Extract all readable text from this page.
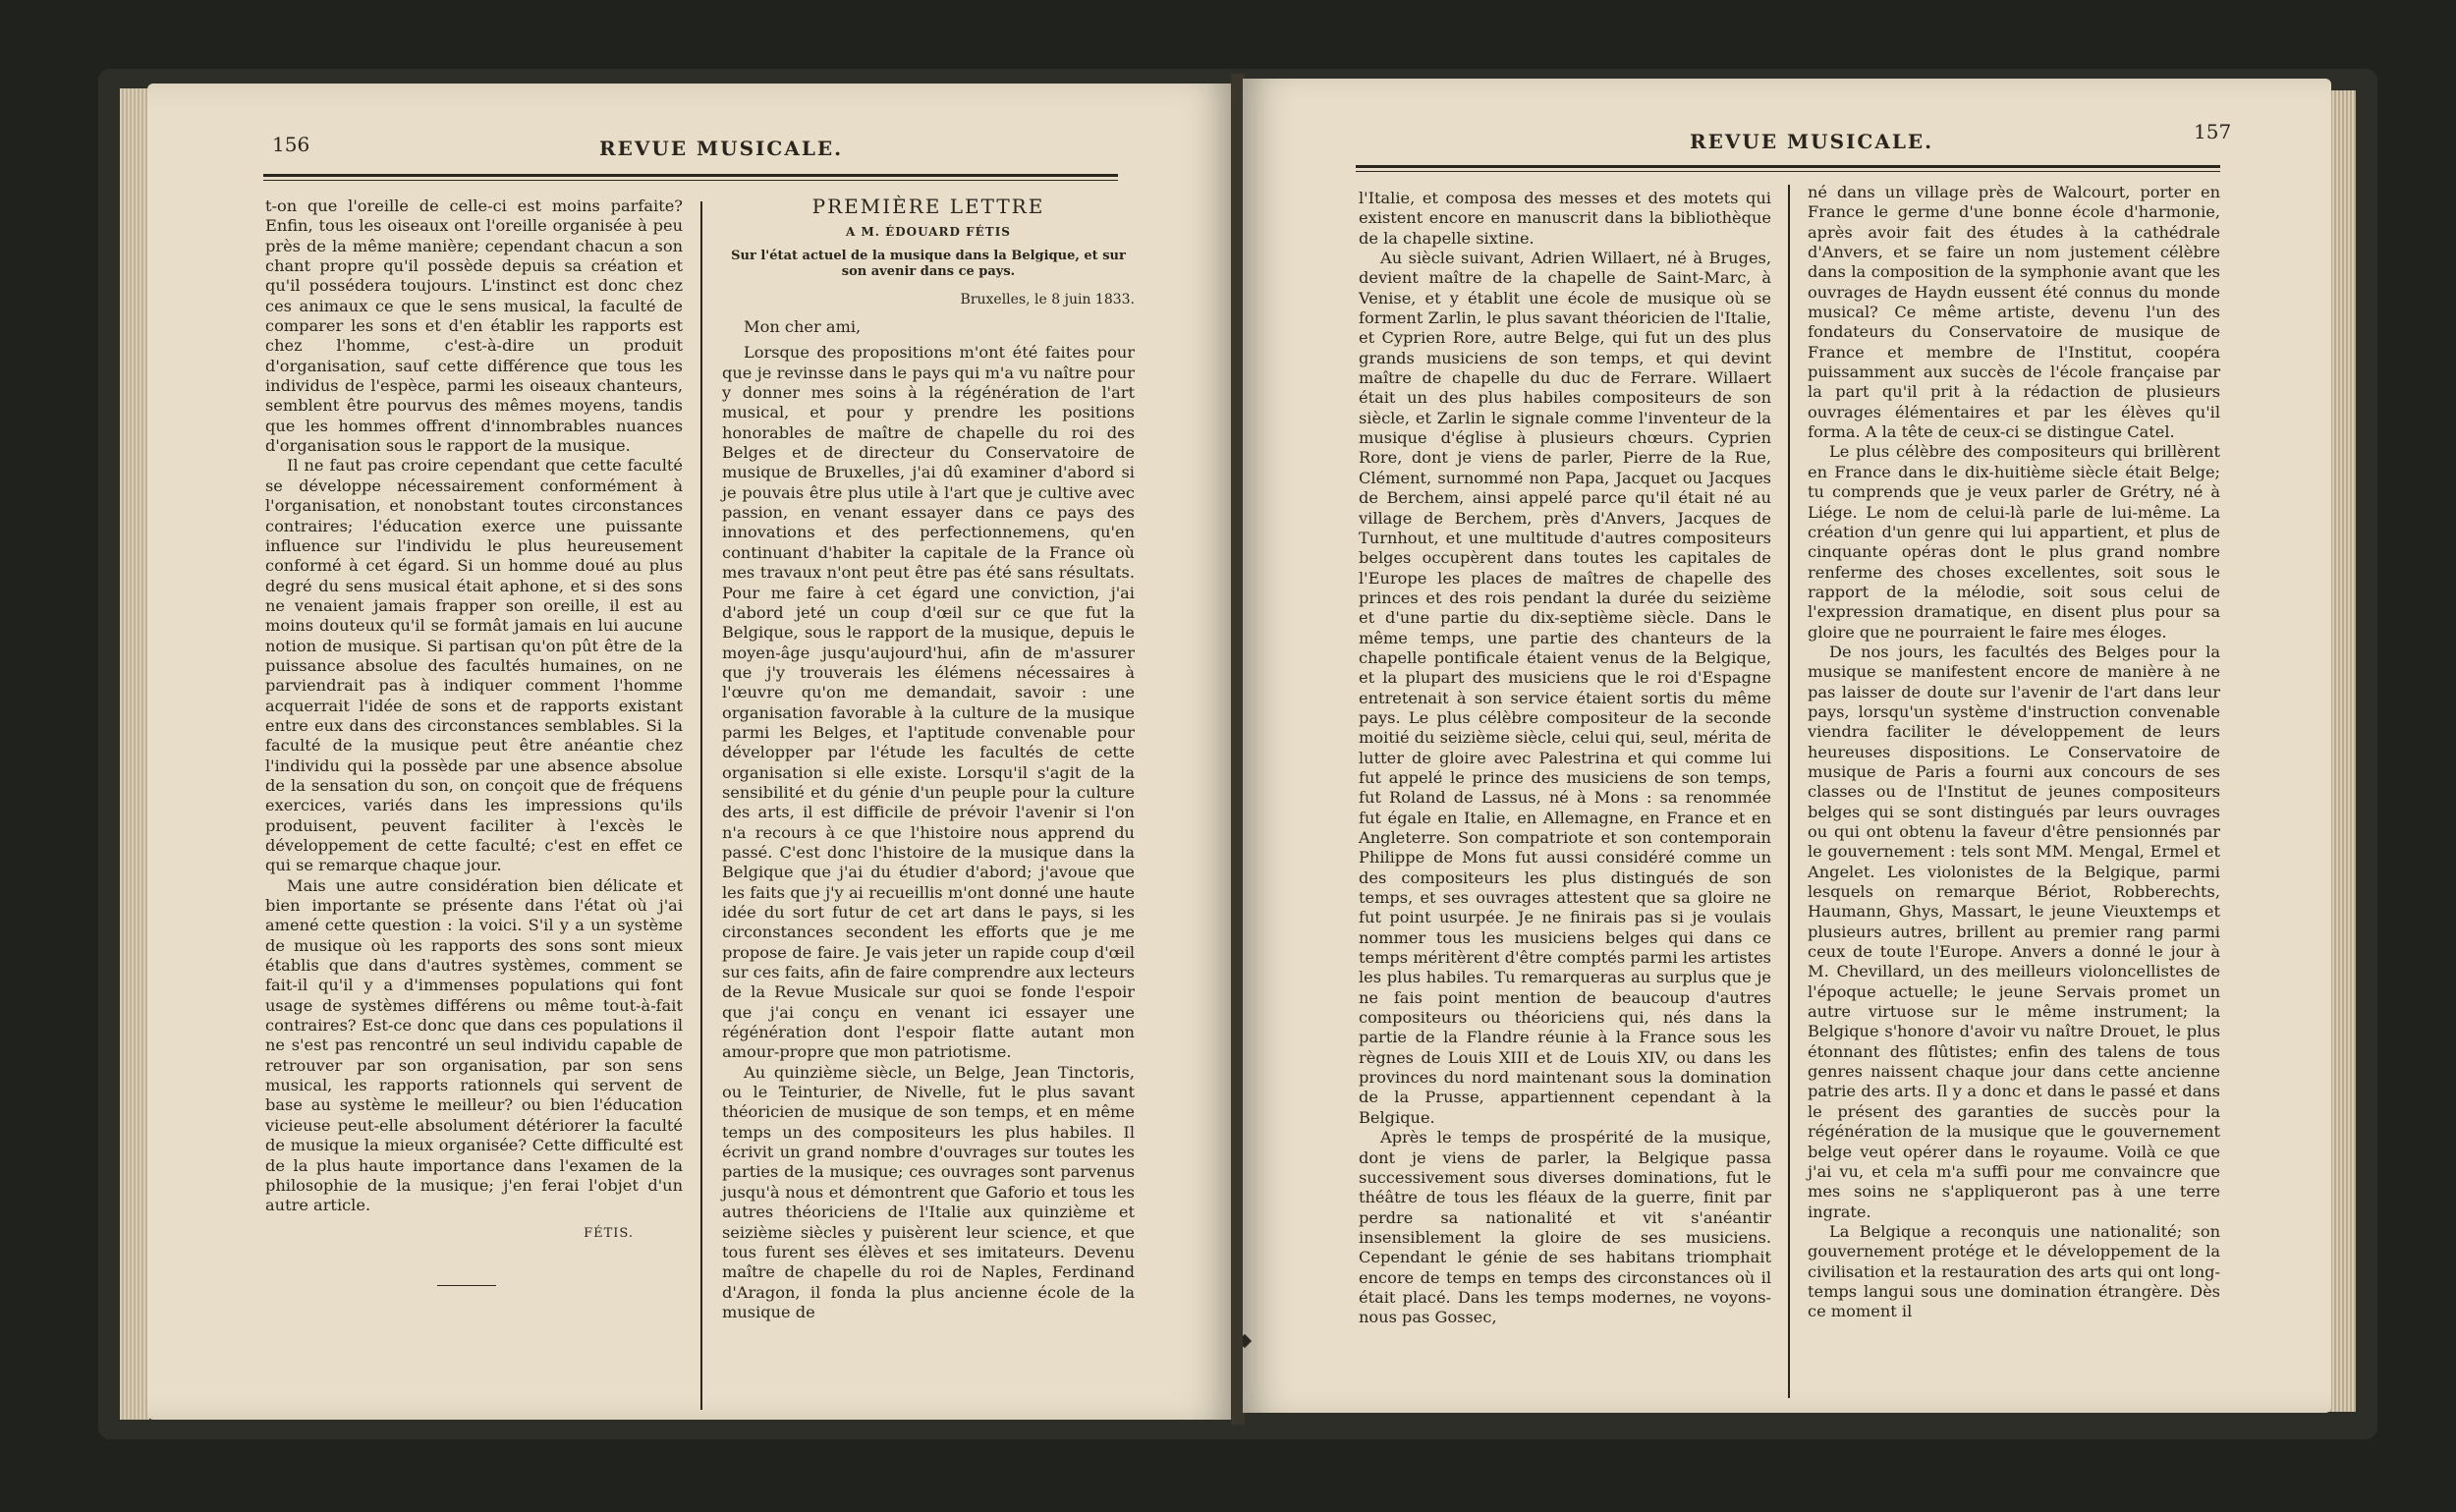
156	REVUE MUSICALE.

t-on que l'oreille de celle-ci est moins parfaite? Enfin, tous les oiseaux ont l'oreille organisée à peu près de la même manière; cependant chacun a son chant propre qu'il possède depuis sa création et qu'il possédera toujours. L'instinct est donc chez ces animaux ce que le sens musical, la faculté de comparer les sons et d'en établir les rapports est chez l'homme, c'est-à-dire un produit d'organisation, sauf cette différence que tous les individus de l'espèce, parmi les oiseaux chanteurs, semblent être pourvus des mêmes moyens, tandis que les hommes offrent d'innombrables nuances d'organisation sous le rapport de la musique.

Il ne faut pas croire cependant que cette faculté se développe nécessairement conformément à l'organisation, et nonobstant toutes circonstances contraires; l'éducation exerce une puissante influence sur l'individu le plus heureusement conformé à cet égard. Si un homme doué au plus degré du sens musical était aphone, et si des sons ne venaient jamais frapper son oreille, il est au moins douteux qu'il se formât jamais en lui aucune notion de musique. Si partisan qu'on pût être de la puissance absolue des facultés humaines, on ne parviendrait pas à indiquer comment l'homme acquerrait l'idée de sons et de rapports existant entre eux dans des circonstances semblables. Si la faculté de la musique peut être anéantie chez l'individu qui la possède par une absence absolue de la sensation du son, on conçoit que de fréquens exercices, variés dans les impressions qu'ils produisent, peuvent faciliter à l'excès le développement de cette faculté; c'est en effet ce qui se remarque chaque jour.

Mais une autre considération bien délicate et bien importante se présente dans l'état où j'ai amené cette question : la voici. S'il y a un système de musique où les rapports des sons sont mieux établis que dans d'autres systèmes, comment se fait-il qu'il y a d'immenses populations qui font usage de systèmes différens ou même tout-à-fait contraires? Est-ce donc que dans ces populations il ne s'est pas rencontré un seul individu capable de retrouver par son organisation, par son sens musical, les rapports rationnels qui servent de base au système le meilleur? ou bien l'éducation vicieuse peut-elle absolument détériorer la faculté de musique la mieux organisée? Cette difficulté est de la plus haute importance dans l'examen de la philosophie de la musique; j'en ferai l'objet d'un autre article.

FÉTIS.
PREMIÈRE LETTRE
A M. ÉDOUARD FÉTIS
Sur l'état actuel de la musique dans la Belgique, et sur son avenir dans ce pays.
Bruxelles, le 8 juin 1833.
Mon cher ami,

Lorsque des propositions m'ont été faites pour que je revinsse dans le pays qui m'a vu naître pour y donner mes soins à la régénération de l'art musical, et pour y prendre les positions honorables de maître de chapelle du roi des Belges et de directeur du Conservatoire de musique de Bruxelles, j'ai dû examiner d'abord si je pouvais être plus utile à l'art que je cultive avec passion, en venant essayer dans ce pays des innovations et des perfectionnemens, qu'en continuant d'habiter la capitale de la France où mes travaux n'ont peut être pas été sans résultats. Pour me faire à cet égard une conviction, j'ai d'abord jeté un coup d'œil sur ce que fut la Belgique, sous le rapport de la musique, depuis le moyen-âge jusqu'aujourd'hui, afin de m'assurer que j'y trouverais les élémens nécessaires à l'œuvre qu'on me demandait, savoir : une organisation favorable à la culture de la musique parmi les Belges, et l'aptitude convenable pour développer par l'étude les facultés de cette organisation si elle existe. Lorsqu'il s'agit de la sensibilité et du génie d'un peuple pour la culture des arts, il est difficile de prévoir l'avenir si l'on n'a recours à ce que l'histoire nous apprend du passé. C'est donc l'histoire de la musique dans la Belgique que j'ai du étudier d'abord; j'avoue que les faits que j'y ai recueillis m'ont donné une haute idée du sort futur de cet art dans le pays, si les circonstances secondent les efforts que je me propose de faire. Je vais jeter un rapide coup d'œil sur ces faits, afin de faire comprendre aux lecteurs de la Revue Musicale sur quoi se fonde l'espoir que j'ai conçu en venant ici essayer une régénération dont l'espoir flatte autant mon amour-propre que mon patriotisme.

Au quinzième siècle, un Belge, Jean Tinctoris, ou le Teinturier, de Nivelle, fut le plus savant théoricien de musique de son temps, et en même temps un des compositeurs les plus habiles. Il écrivit un grand nombre d'ouvrages sur toutes les parties de la musique; ces ouvrages sont parvenus jusqu'à nous et démontrent que Gaforio et tous les autres théoriciens de l'Italie aux quinzième et seizième siècles y puisèrent leur science, et que tous furent ses élèves et ses imitateurs. Devenu maître de chapelle du roi de Naples, Ferdinand d'Aragon, il fonda la plus ancienne école de la musique de

REVUE MUSICALE.	157

l'Italie, et composa des messes et des motets qui existent encore en manuscrit dans la bibliothèque de la chapelle sixtine.

Au siècle suivant, Adrien Willaert, né à Bruges, devient maître de la chapelle de Saint-Marc, à Venise, et y établit une école de musique où se forment Zarlin, le plus savant théoricien de l'Italie, et Cyprien Rore, autre Belge, qui fut un des plus grands musiciens de son temps, et qui devint maître de chapelle du duc de Ferrare. Willaert était un des plus habiles compositeurs de son siècle, et Zarlin le signale comme l'inventeur de la musique d'église à plusieurs chœurs. Cyprien Rore, dont je viens de parler, Pierre de la Rue, Clément, surnommé non Papa, Jacquet ou Jacques de Berchem, ainsi appelé parce qu'il était né au village de Berchem, près d'Anvers, Jacques de Turnhout, et une multitude d'autres compositeurs belges occupèrent dans toutes les capitales de l'Europe les places de maîtres de chapelle des princes et des rois pendant la durée du seizième et d'une partie du dix-septième siècle. Dans le même temps, une partie des chanteurs de la chapelle pontificale étaient venus de la Belgique, et la plupart des musiciens que le roi d'Espagne entretenait à son service étaient sortis du même pays. Le plus célèbre compositeur de la seconde moitié du seizième siècle, celui qui, seul, mérita de lutter de gloire avec Palestrina et qui comme lui fut appelé le prince des musiciens de son temps, fut Roland de Lassus, né à Mons : sa renommée fut égale en Italie, en Allemagne, en France et en Angleterre. Son compatriote et son contemporain Philippe de Mons fut aussi considéré comme un des compositeurs les plus distingués de son temps, et ses ouvrages attestent que sa gloire ne fut point usurpée. Je ne finirais pas si je voulais nommer tous les musiciens belges qui dans ce temps méritèrent d'être comptés parmi les artistes les plus habiles. Tu remarqueras au surplus que je ne fais point mention de beaucoup d'autres compositeurs ou théoriciens qui, nés dans la partie de la Flandre réunie à la France sous les règnes de Louis XIII et de Louis XIV, ou dans les provinces du nord maintenant sous la domination de la Prusse, appartiennent cependant à la Belgique.

Après le temps de prospérité de la musique, dont je viens de parler, la Belgique passa successivement sous diverses dominations, fut le théâtre de tous les fléaux de la guerre, finit par perdre sa nationalité et vit s'anéantir insensiblement la gloire de ses musiciens. Cependant le génie de ses habitans triomphait encore de temps en temps des circonstances où il était placé. Dans les temps modernes, ne voyons-nous pas Gossec,

né dans un village près de Walcourt, porter en France le germe d'une bonne école d'harmonie, après avoir fait des études à la cathédrale d'Anvers, et se faire un nom justement célèbre dans la composition de la symphonie avant que les ouvrages de Haydn eussent été connus du monde musical? Ce même artiste, devenu l'un des fondateurs du Conservatoire de musique de France et membre de l'Institut, coopéra puissamment aux succès de l'école française par la part qu'il prit à la rédaction de plusieurs ouvrages élémentaires et par les élèves qu'il forma. A la tête de ceux-ci se distingue Catel.

Le plus célèbre des compositeurs qui brillèrent en France dans le dix-huitième siècle était Belge; tu comprends que je veux parler de Grétry, né à Liége. Le nom de celui-là parle de lui-même. La création d'un genre qui lui appartient, et plus de cinquante opéras dont le plus grand nombre renferme des choses excellentes, soit sous le rapport de la mélodie, soit sous celui de l'expression dramatique, en disent plus pour sa gloire que ne pourraient le faire mes éloges.

De nos jours, les facultés des Belges pour la musique se manifestent encore de manière à ne pas laisser de doute sur l'avenir de l'art dans leur pays, lorsqu'un système d'instruction convenable viendra faciliter le développement de leurs heureuses dispositions. Le Conservatoire de musique de Paris a fourni aux concours de ses classes ou de l'Institut de jeunes compositeurs belges qui se sont distingués par leurs ouvrages ou qui ont obtenu la faveur d'être pensionnés par le gouvernement : tels sont MM. Mengal, Ermel et Angelet. Les violonistes de la Belgique, parmi lesquels on remarque Bériot, Robberechts, Haumann, Ghys, Massart, le jeune Vieuxtemps et plusieurs autres, brillent au premier rang parmi ceux de toute l'Europe. Anvers a donné le jour à M. Chevillard, un des meilleurs violoncellistes de l'époque actuelle; le jeune Servais promet un autre virtuose sur le même instrument; la Belgique s'honore d'avoir vu naître Drouet, le plus étonnant des flûtistes; enfin des talens de tous genres naissent chaque jour dans cette ancienne patrie des arts. Il y a donc et dans le passé et dans le présent des garanties de succès pour la régénération de la musique que le gouvernement belge veut opérer dans le royaume. Voilà ce que j'ai vu, et cela m'a suffi pour me convaincre que mes soins ne s'appliqueront pas à une terre ingrate.

La Belgique a reconquis une nationalité; son gouvernement protége et le développement de la civilisation et la restauration des arts qui ont long-temps langui sous une domination étrangère. Dès ce moment il
